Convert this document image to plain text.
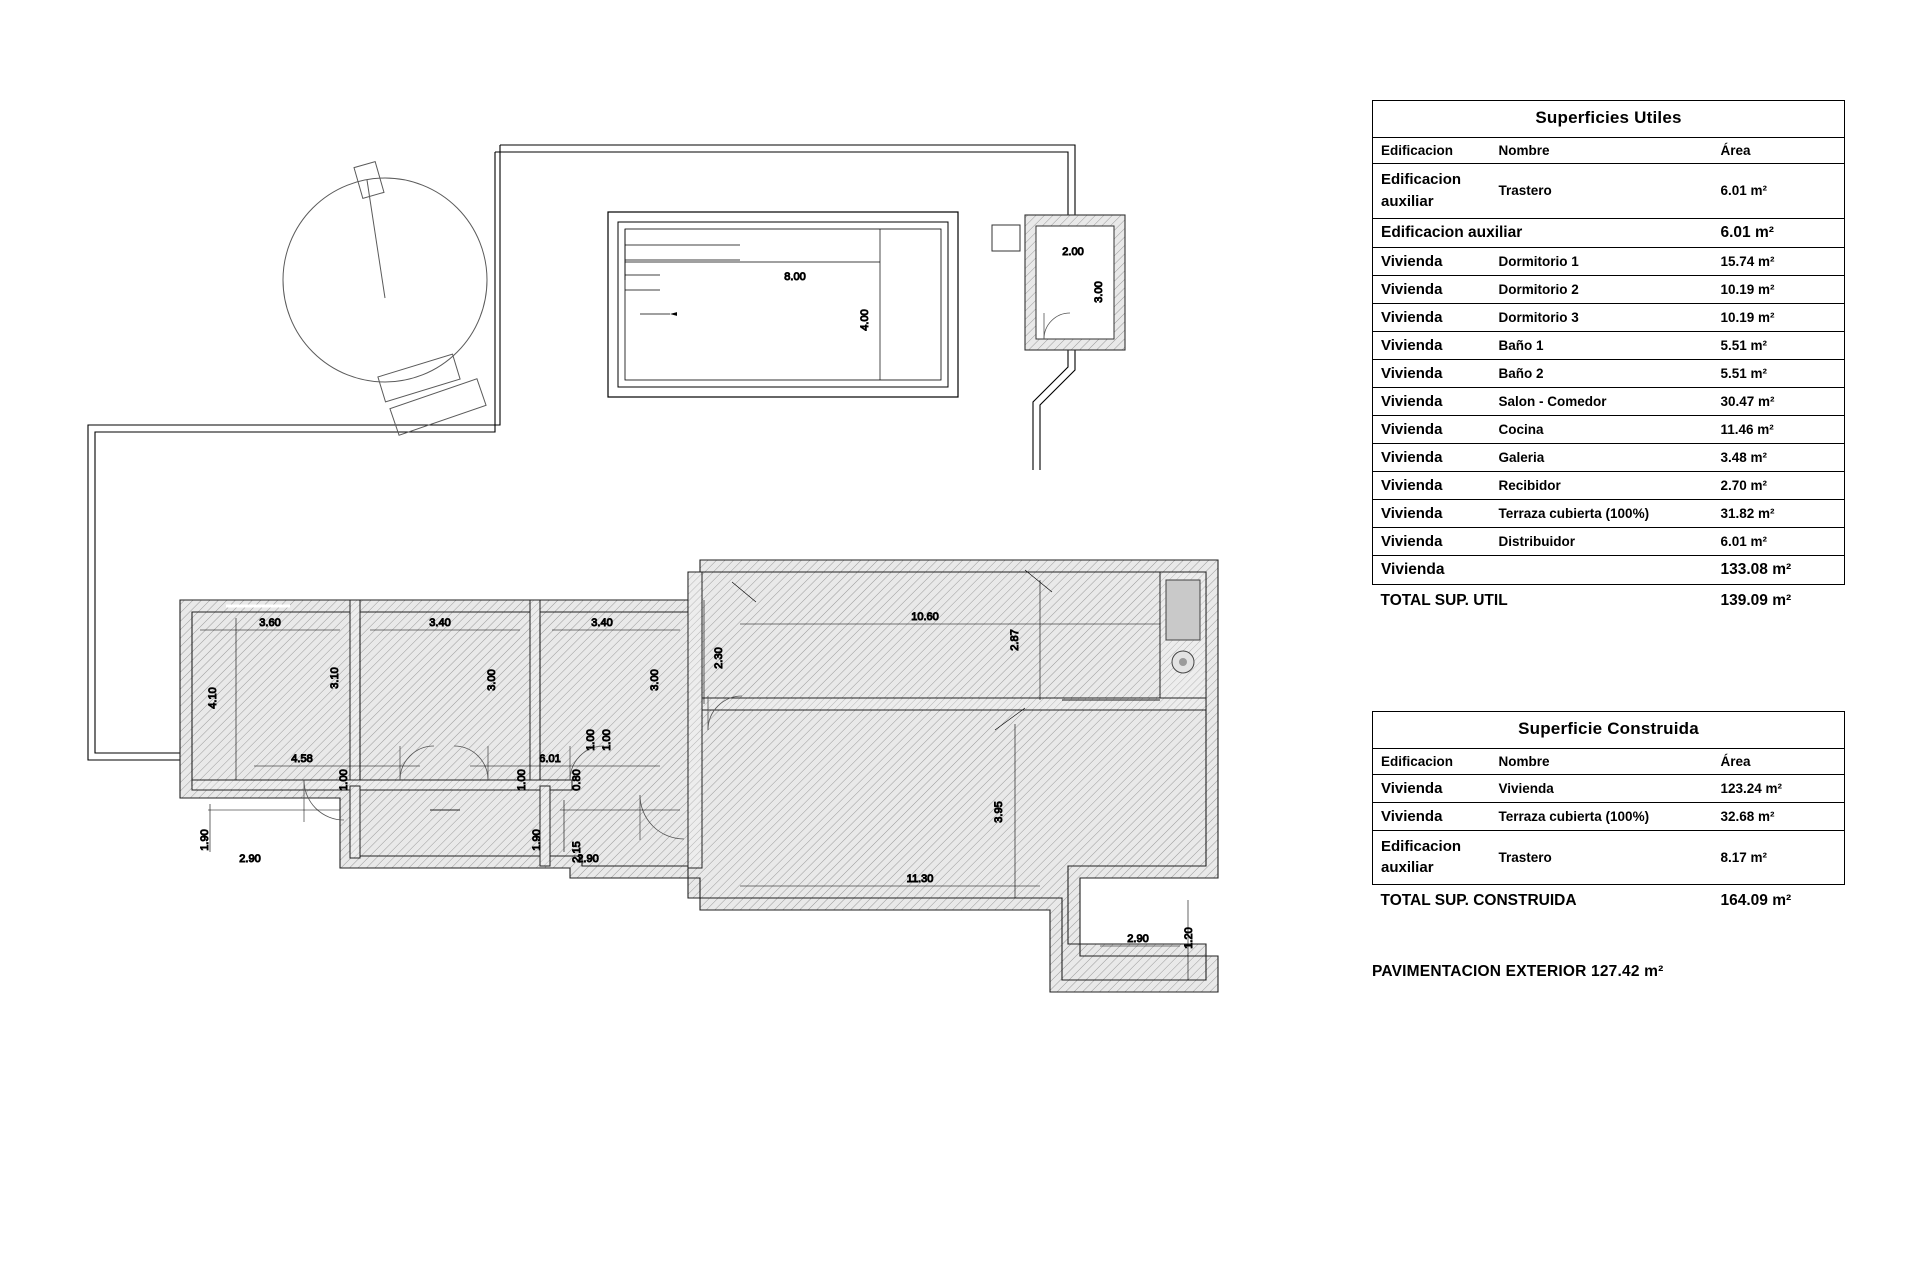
8.00
4.00
2.00
3.00
3.60	3.40	3.40
4.10
3.10	3.00	3.00
2.30
10.60
2.87
3.95
11.30
4.58	6.01
1.00	1.00
1.00
1.00
0.80
2.15
1.90
2.90
1.90
2.90
2.90	1.20
Superficies Utiles
Edificacion	Nombre	Área
Edificacion auxiliar	Trastero	6.01 m²
Edificacion auxiliar		6.01 m²
Vivienda	Dormitorio 1	15.74 m²
Vivienda	Dormitorio 2	10.19 m²
Vivienda	Dormitorio 3	10.19 m²
Vivienda	Baño 1	5.51 m²
Vivienda	Baño 2	5.51 m²
Vivienda	Salon - Comedor	30.47 m²
Vivienda	Cocina	11.46 m²
Vivienda	Galeria	3.48 m²
Vivienda	Recibidor	2.70 m²
Vivienda	Terraza cubierta (100%)	31.82 m²
Vivienda	Distribuidor	6.01 m²
Vivienda		133.08 m²
TOTAL SUP. UTIL		139.09 m²
Superficie Construida
Edificacion	Nombre	Área
Vivienda	Vivienda	123.24 m²
Vivienda	Terraza cubierta (100%)	32.68 m²
Edificacion auxiliar	Trastero	8.17 m²
TOTAL SUP. CONSTRUIDA		164.09 m²
PAVIMENTACION EXTERIOR 127.42 m²
